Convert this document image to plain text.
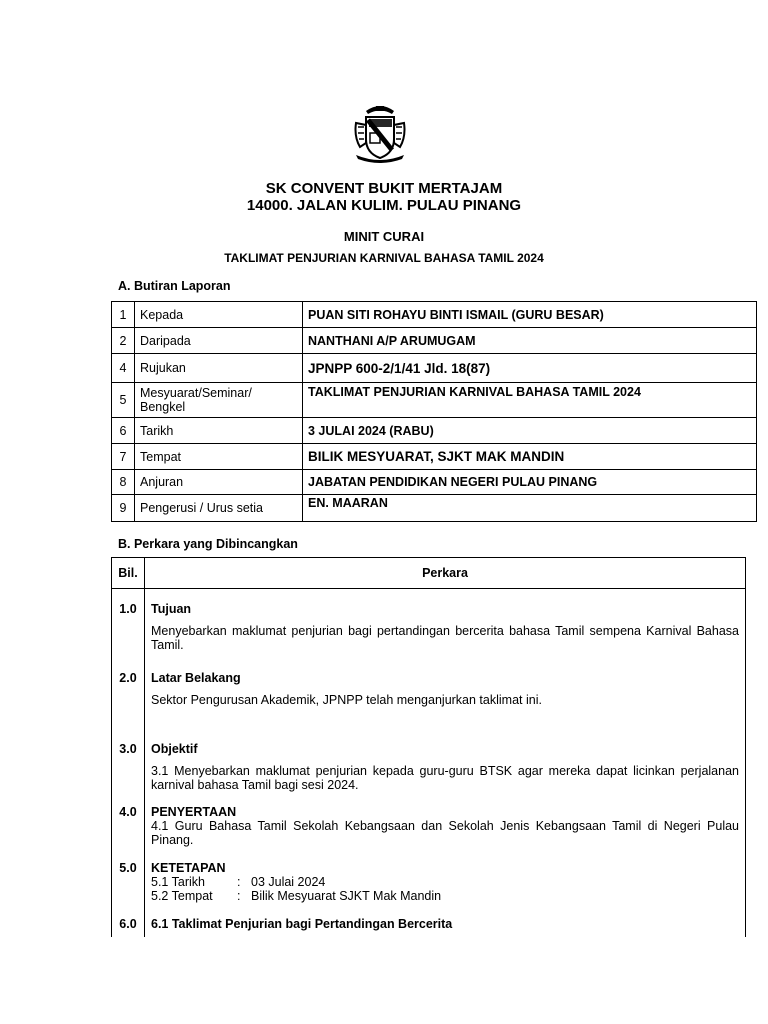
SK CONVENT BUKIT MERTAJAM
14000. JALAN KULIM. PULAU PINANG
MINIT CURAI
TAKLIMAT PENJURIAN KARNIVAL BAHASA TAMIL 2024
A. Butiran Laporan
1	Kepada	PUAN SITI ROHAYU BINTI ISMAIL (GURU BESAR)
2	Daripada	NANTHANI A/P ARUMUGAM
4	Rujukan	JPNPP 600-2/1/41 Jld. 18(87)
5	Mesyuarat/Seminar/ Bengkel	TAKLIMAT PENJURIAN KARNIVAL BAHASA TAMIL 2024
6	Tarikh	3 JULAI 2024 (RABU)
7	Tempat	BILIK MESYUARAT, SJKT MAK MANDIN
8	Anjuran	JABATAN PENDIDIKAN NEGERI PULAU PINANG
9	Pengerusi / Urus setia	EN. MAARAN
B. Perkara yang Dibincangkan
Bil.	Perkara
1.0	Tujuan
Menyebarkan maklumat penjurian bagi pertandingan bercerita bahasa Tamil sempena Karnival Bahasa Tamil.
2.0	Latar Belakang
Sektor Pengurusan Akademik, JPNPP telah menganjurkan taklimat ini.
3.0	Objektif
3.1 Menyebarkan maklumat penjurian kepada guru-guru BTSK agar mereka dapat licinkan perjalanan karnival bahasa Tamil bagi sesi 2024.
4.0	PENYERTAAN
4.1 Guru Bahasa Tamil Sekolah Kebangsaan dan Sekolah Jenis Kebangsaan Tamil di Negeri Pulau Pinang.
5.0	KETETAPAN
5.1 Tarikh	: 03 Julai 2024
5.2 Tempat	: Bilik Mesyuarat SJKT Mak Mandin
6.0	6.1 Taklimat Penjurian bagi Pertandingan Bercerita
